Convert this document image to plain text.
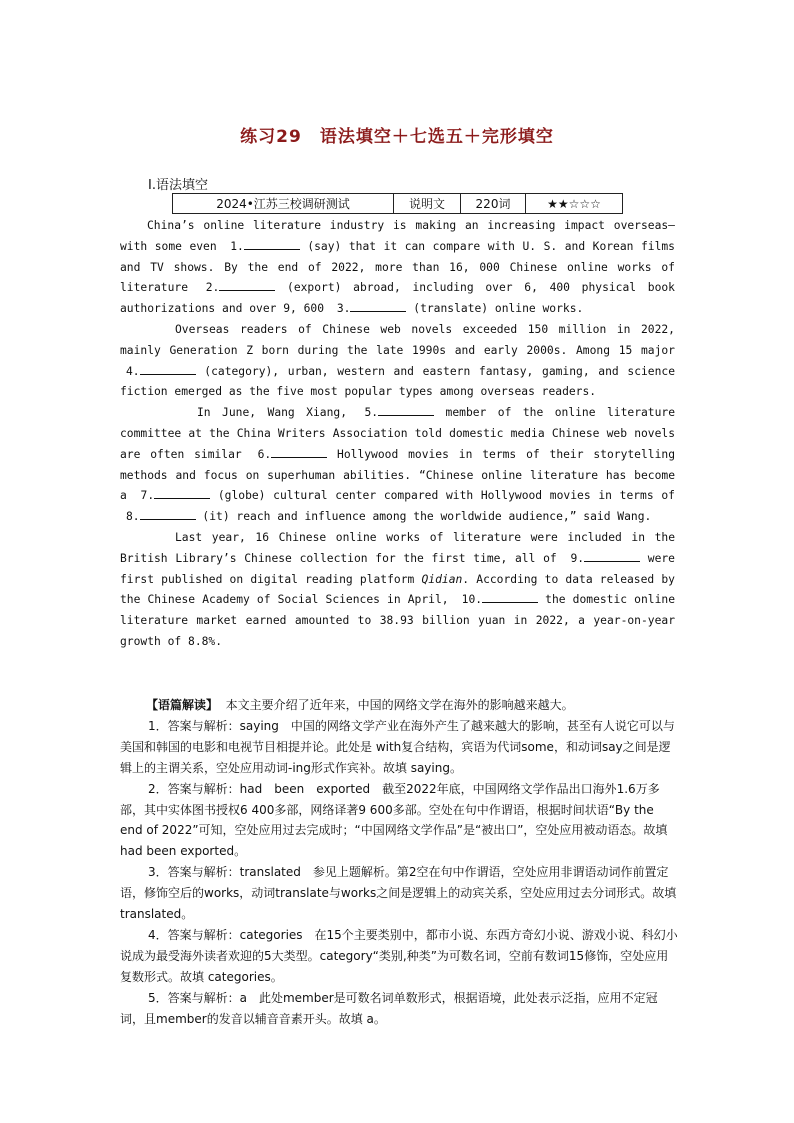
练习29　语法填空＋七选五＋完形填空
Ⅰ.语法填空
2024•江苏三校调研测试	说明文	220词	★★☆☆☆

China’s online literature industry is making an increasing impact overseas—with some even 1.	(say) that it can compare with U. S. and Korean films and TV shows. By the end of 2022, more than 16, 000 Chinese online works of literature 2.	(export) abroad, including over 6, 400 physical book authorizations and over 9, 600 3.	(translate) online works.

Overseas readers of Chinese web novels exceeded 150 million in 2022, mainly Generation Z born during the late 1990s and early 2000s. Among 15 major 4.	(category), urban, western and eastern fantasy, gaming, and science fiction emerged as the five most popular types among overseas readers.

In June, Wang Xiang, 5.	member of the online literature committee at the China Writers Association told domestic media Chinese web novels are often similar 6.	Hollywood movies in terms of their storytelling methods and focus on superhuman abilities. “Chinese online literature has become a 7.	(globe) cultural center compared with Hollywood movies in terms of 8.	(it) reach and influence among the worldwide audience,” said Wang.

Last year, 16 Chinese online works of literature were included in the British Library’s Chinese collection for the first time, all of 9.	were first published on digital reading platform Qidian. According to data released by the Chinese Academy of Social Sciences in April, 10.	the domestic online literature market earned amounted to 38.93 billion yuan in 2022, a year-on-year growth of 8.8%.

【语篇解读】 本文主要介绍了近年来，中国的网络文学在海外的影响越来越大。

1．答案与解析：saying　中国的网络文学产业在海外产生了越来越大的影响，甚至有人说它可以与美国和韩国的电影和电视节目相提并论。此处是 with复合结构，宾语为代词some，和动词say之间是逻辑上的主谓关系，空处应用动词-ing形式作宾补。故填 saying。

2．答案与解析：had　been　exported　截至2022年底，中国网络文学作品出口海外1.6万多部，其中实体图书授权6 400多部，网络译著9 600多部。空处在句中作谓语，根据时间状语“By the end of 2022”可知，空处应用过去完成时；“中国网络文学作品”是“被出口”，空处应用被动语态。故填had been exported。

3．答案与解析：translated　参见上题解析。第2空在句中作谓语，空处应用非谓语动词作前置定语，修饰空后的works，动词translate与works之间是逻辑上的动宾关系，空处应用过去分词形式。故填 translated。

4．答案与解析：categories　在15个主要类别中，都市小说、东西方奇幻小说、游戏小说、科幻小说成为最受海外读者欢迎的5大类型。category“类别,种类”为可数名词，空前有数词15修饰，空处应用复数形式。故填 categories。

5．答案与解析：a　此处member是可数名词单数形式，根据语境，此处表示泛指，应用不定冠词，且member的发音以辅音音素开头。故填 a。
